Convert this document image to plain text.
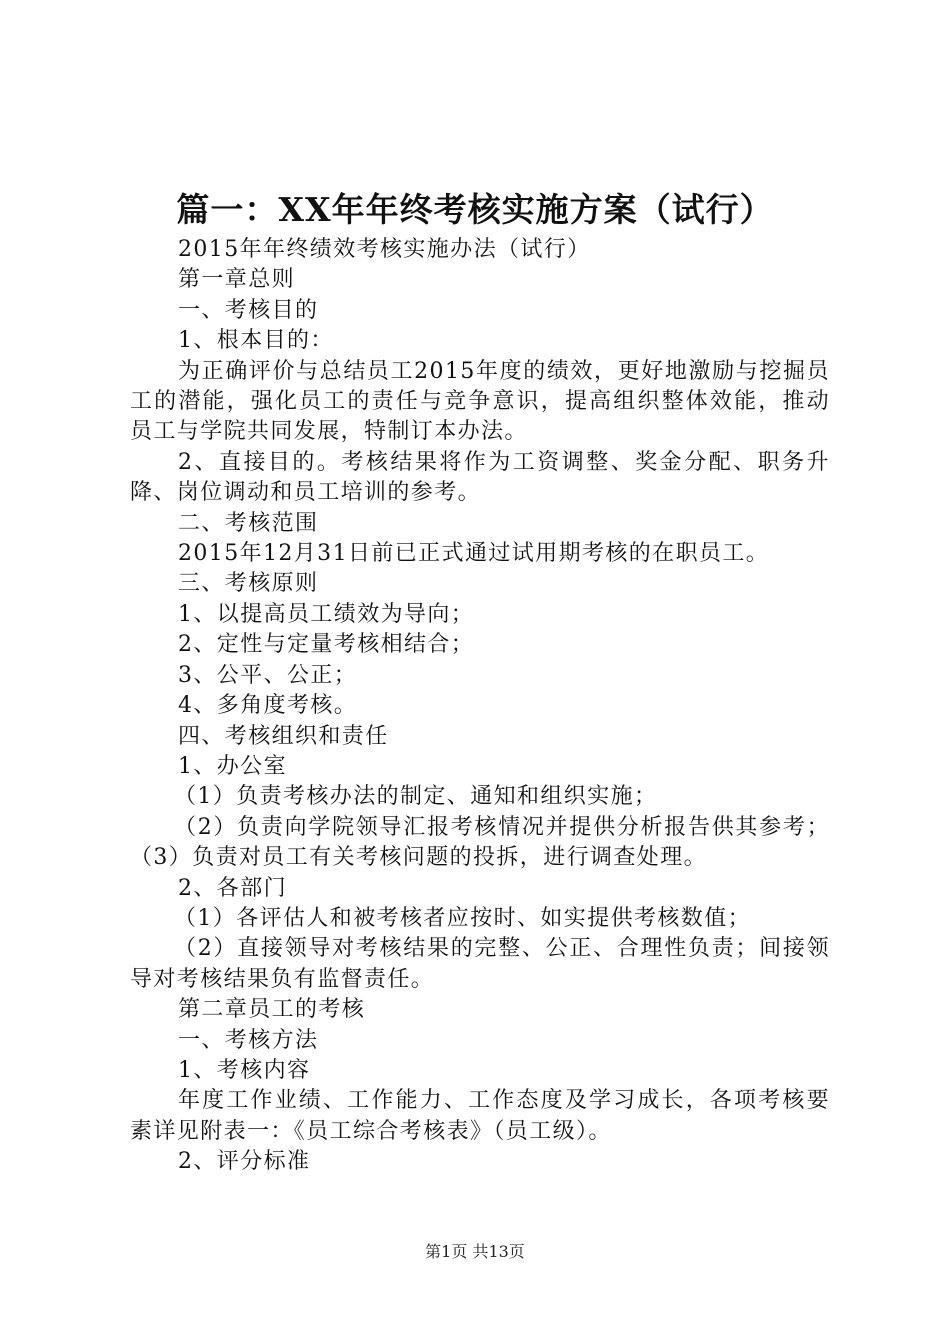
篇一：XX年年终考核实施方案（试行）

2015年年终绩效考核实施办法（试行）

第一章总则

一、考核目的

1、根本目的：

为正确评价与总结员工2015年度的绩效，更好地激励与挖掘员工的潜能，强化员工的责任与竞争意识，提高组织整体效能，推动员工与学院共同发展，特制订本办法。

2、直接目的。考核结果将作为工资调整、奖金分配、职务升降、岗位调动和员工培训的参考。

二、考核范围

2015年12月31日前已正式通过试用期考核的在职员工。

三、考核原则

1、以提高员工绩效为导向；

2、定性与定量考核相结合；

3、公平、公正；

4、多角度考核。

四、考核组织和责任

1、办公室

（1）负责考核办法的制定、通知和组织实施；

（2）负责向学院领导汇报考核情况并提供分析报告供其参考；（3）负责对员工有关考核问题的投拆，进行调查处理。

2、各部门

（1）各评估人和被考核者应按时、如实提供考核数值；

（2）直接领导对考核结果的完整、公正、合理性负责；间接领导对考核结果负有监督责任。

第二章员工的考核

一、考核方法

1、考核内容

年度工作业绩、工作能力、工作态度及学习成长，各项考核要素详见附表一：《员工综合考核表》（员工级）。

2、评分标准

第1页 共13页
